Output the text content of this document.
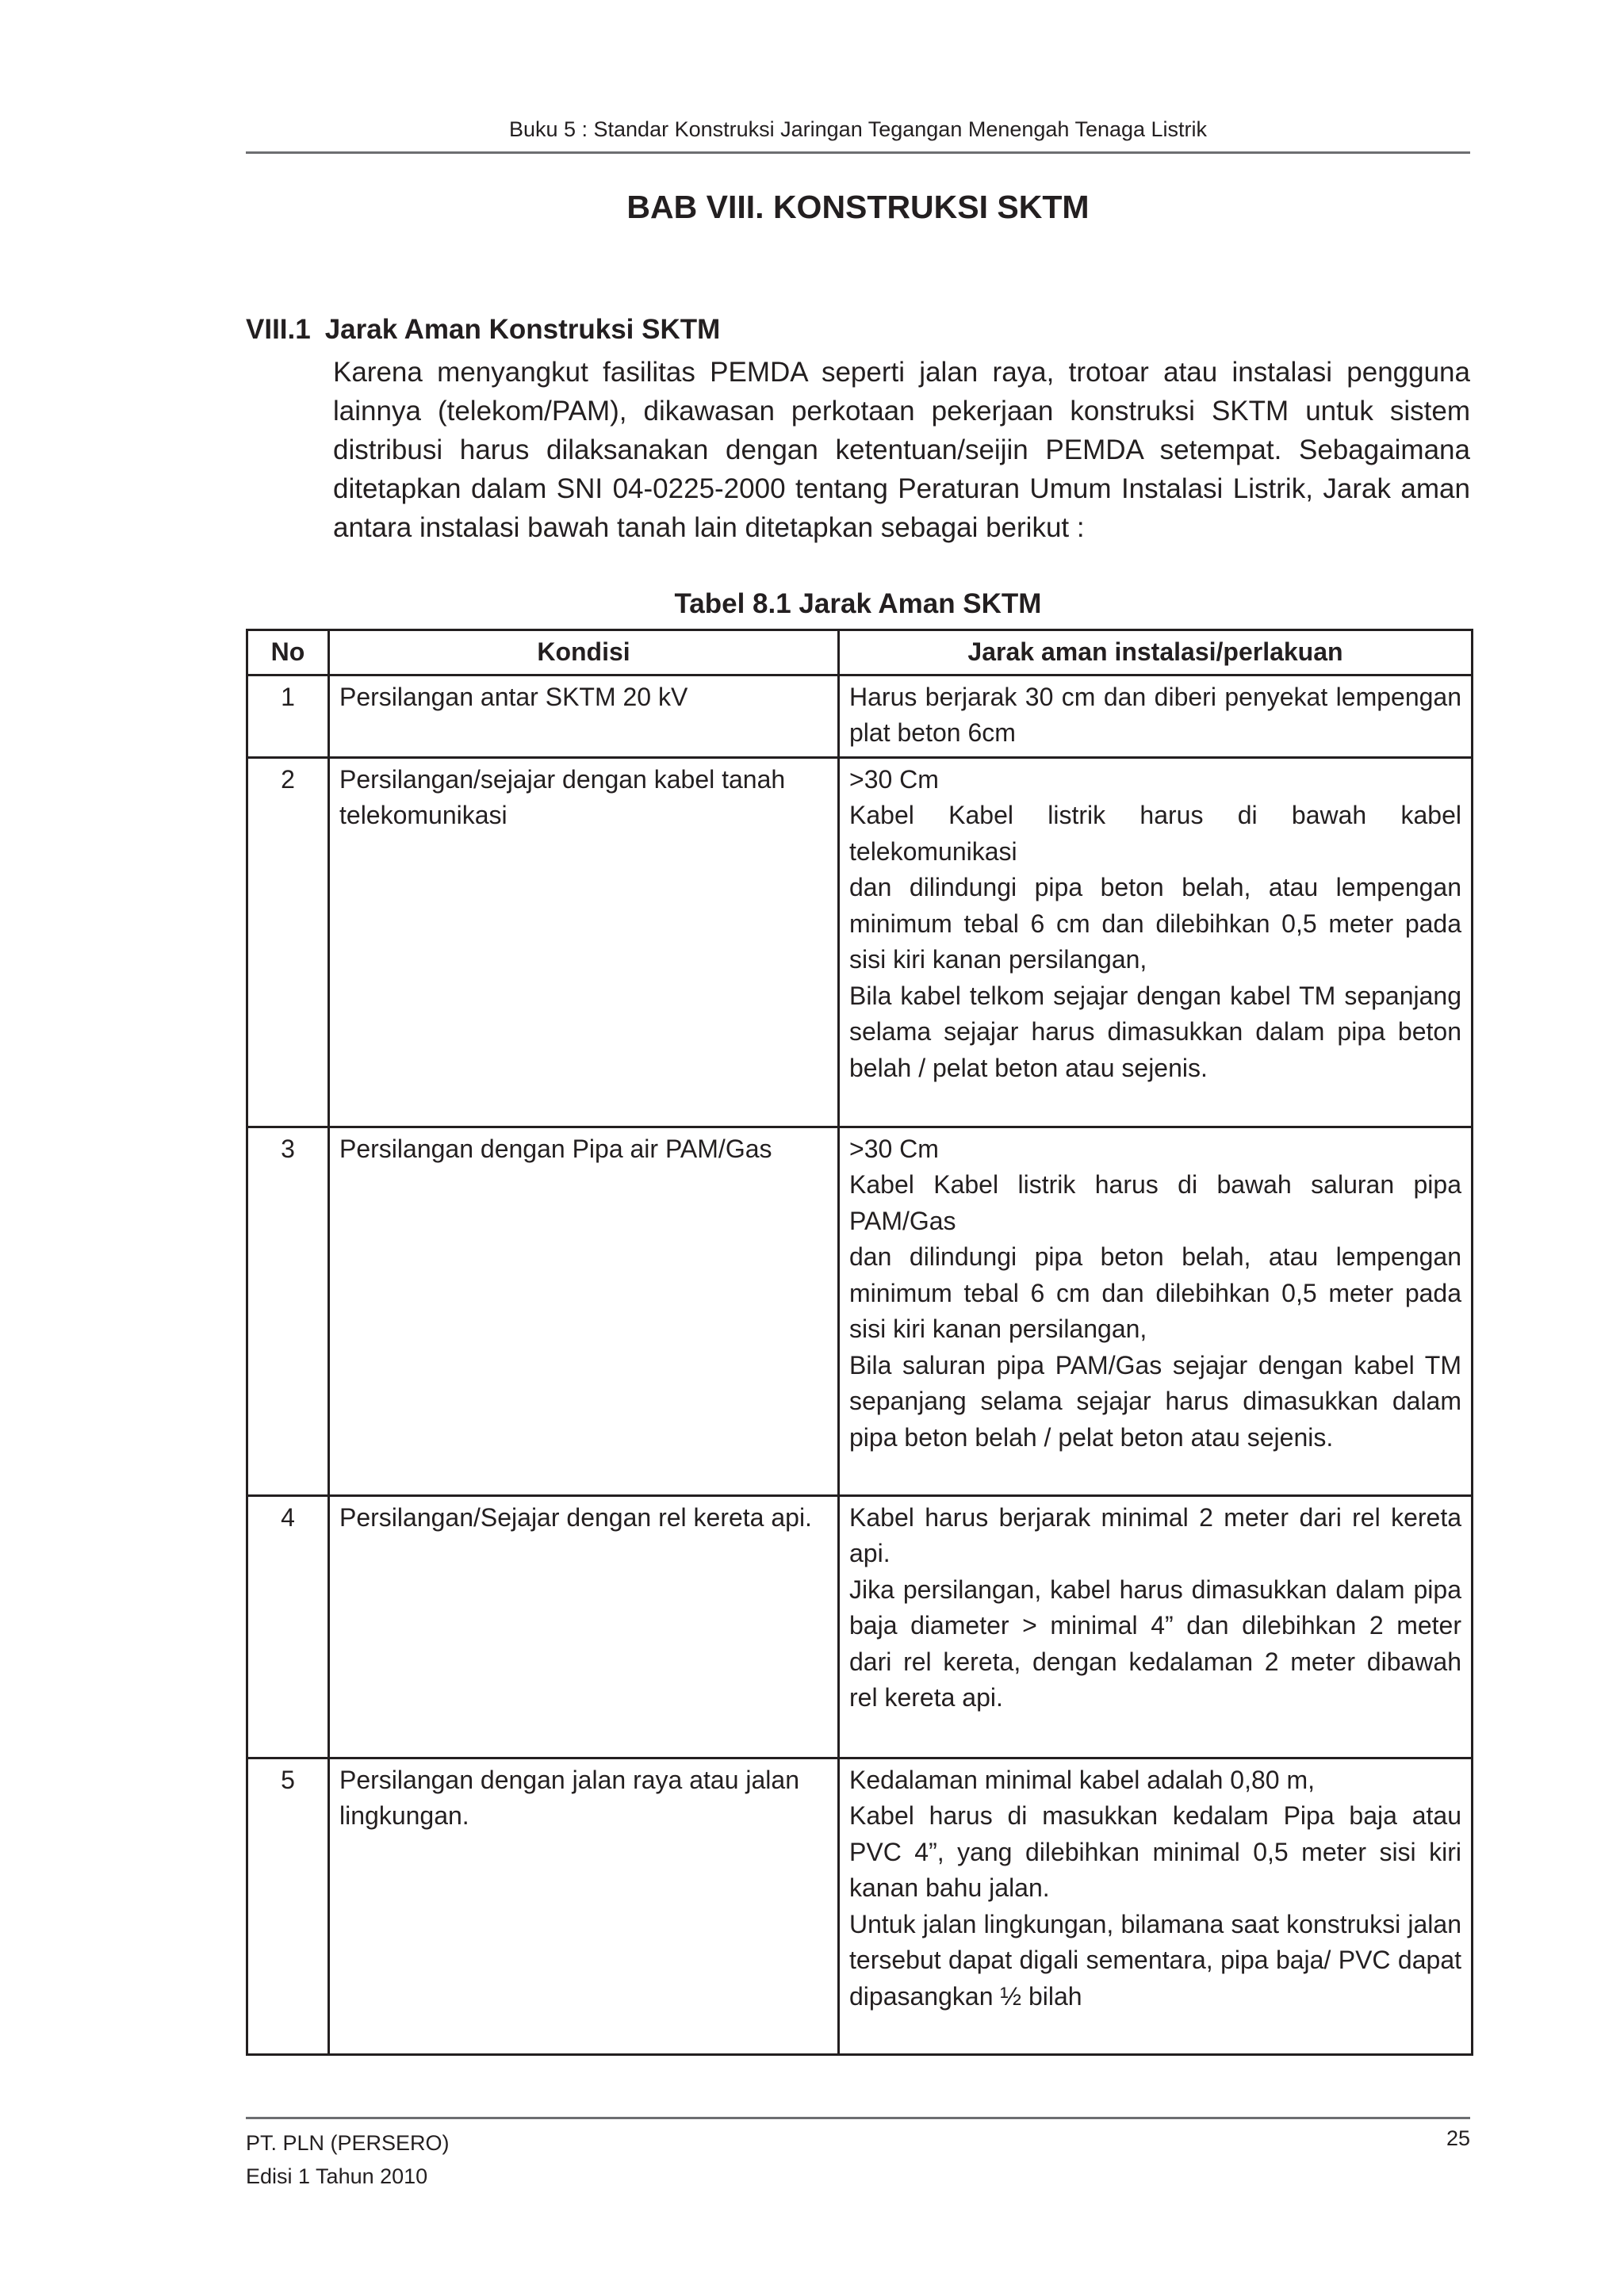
Buku 5 : Standar Konstruksi Jaringan Tegangan Menengah Tenaga Listrik
BAB VIII. KONSTRUKSI SKTM
VIII.1 Jarak Aman Konstruksi SKTM
Karena menyangkut fasilitas PEMDA seperti jalan raya, trotoar atau instalasi pengguna lainnya (telekom/PAM), dikawasan perkotaan pekerjaan konstruksi SKTM untuk sistem distribusi harus dilaksanakan dengan ketentuan/seijin PEMDA setempat. Sebagaimana ditetapkan dalam SNI 04-0225-2000 tentang Peraturan Umum Instalasi Listrik, Jarak aman antara instalasi bawah tanah lain ditetapkan sebagai berikut :
Tabel 8.1 Jarak Aman SKTM
No	Kondisi	Jarak aman instalasi/perlakuan
1	Persilangan antar SKTM 20 kV	Harus berjarak 30 cm dan diberi penyekat lempengan plat beton 6cm

2	Persilangan/sejajar dengan kabel tanah telekomunikasi	>30 Cm
Kabel Kabel listrik harus di bawah kabel telekomunikasi
dan dilindungi pipa beton belah, atau lempengan minimum tebal 6 cm dan dilebihkan 0,5 meter pada sisi kiri kanan persilangan,
Bila kabel telkom sejajar dengan kabel TM sepanjang selama sejajar harus dimasukkan dalam pipa beton belah / pelat beton atau sejenis.

3	Persilangan dengan Pipa air PAM/Gas	>30 Cm
Kabel Kabel listrik harus di bawah saluran pipa PAM/Gas
dan dilindungi pipa beton belah, atau lempengan minimum tebal 6 cm dan dilebihkan 0,5 meter pada sisi kiri kanan persilangan,
Bila saluran pipa PAM/Gas sejajar dengan kabel TM sepanjang selama sejajar harus dimasukkan dalam pipa beton belah / pelat beton atau sejenis.

4	Persilangan/Sejajar dengan rel kereta api.	Kabel harus berjarak minimal 2 meter dari rel kereta api.
Jika persilangan, kabel harus dimasukkan dalam pipa baja diameter > minimal 4” dan dilebihkan 2 meter dari rel kereta, dengan kedalaman 2 meter dibawah rel kereta api.

5	Persilangan dengan jalan raya atau jalan lingkungan.	Kedalaman minimal kabel adalah 0,80 m,
Kabel harus di masukkan kedalam Pipa baja atau PVC 4”, yang dilebihkan minimal 0,5 meter sisi kiri kanan bahu jalan.
Untuk jalan lingkungan, bilamana saat konstruksi jalan tersebut dapat digali sementara, pipa baja/ PVC dapat dipasangkan ½ bilah
PT. PLN (PERSERO)
Edisi 1 Tahun 2010
25
